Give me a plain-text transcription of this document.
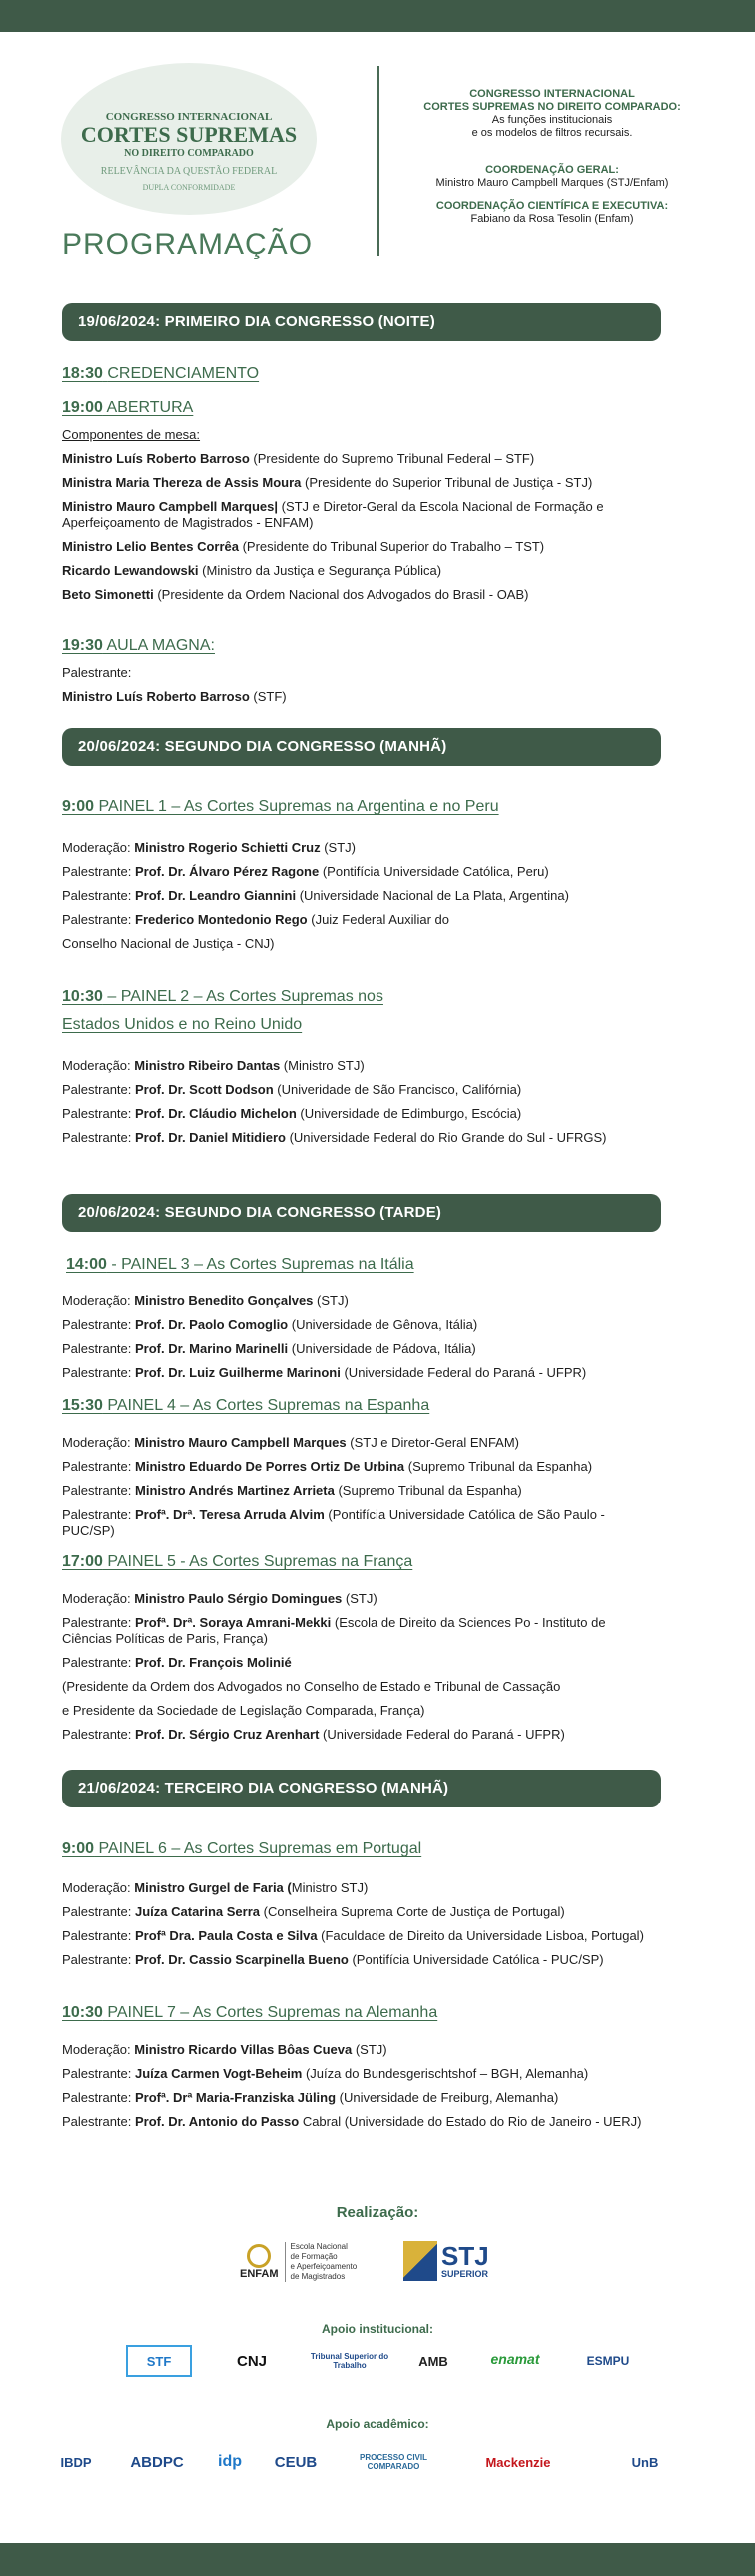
CONGRESSO INTERNACIONAL
CORTES SUPREMAS
NO DIREITO COMPARADO
RELEVÂNCIA DA QUESTÃO FEDERAL
DUPLA CONFORMIDADE
PROGRAMAÇÃO
CONGRESSO INTERNACIONAL
CORTES SUPREMAS NO DIREITO COMPARADO:
As funções institucionais
e os modelos de filtros recursais.
COORDENAÇÃO GERAL:
Ministro Mauro Campbell Marques (STJ/Enfam)
COORDENAÇÃO CIENTÍFICA E EXECUTIVA:
Fabiano da Rosa Tesolin (Enfam)
19/06/2024: PRIMEIRO DIA CONGRESSO (NOITE)
18:30 CREDENCIAMENTO
19:00 ABERTURA
Componentes de mesa:
Ministro Luís Roberto Barroso (Presidente do Supremo Tribunal Federal – STF)
Ministra Maria Thereza de Assis Moura (Presidente do Superior Tribunal de Justiça - STJ)
Ministro Mauro Campbell Marques| (STJ e Diretor-Geral da Escola Nacional de Formação e
Aperfeiçoamento de Magistrados - ENFAM)
Ministro Lelio Bentes Corrêa (Presidente do Tribunal Superior do Trabalho – TST)
Ricardo Lewandowski (Ministro da Justiça e Segurança Pública)
Beto Simonetti (Presidente da Ordem Nacional dos Advogados do Brasil - OAB)
19:30 AULA MAGNA:
Palestrante:
Ministro Luís Roberto Barroso (STF)
20/06/2024: SEGUNDO DIA CONGRESSO (MANHÃ)
9:00 PAINEL 1 – As Cortes Supremas na Argentina e no Peru
Moderação: Ministro Rogerio Schietti Cruz (STJ)
Palestrante: Prof. Dr. Álvaro Pérez Ragone (Pontifícia Universidade Católica, Peru)
Palestrante: Prof. Dr. Leandro Giannini (Universidade Nacional de La Plata, Argentina)
Palestrante: Frederico Montedonio Rego (Juiz Federal Auxiliar do
Conselho Nacional de Justiça - CNJ)
10:30 – PAINEL 2 – As Cortes Supremas nos
Estados Unidos e no Reino Unido
Moderação: Ministro Ribeiro Dantas (Ministro STJ)
Palestrante: Prof. Dr. Scott Dodson (Univeridade de São Francisco, Califórnia)
Palestrante: Prof. Dr. Cláudio Michelon (Universidade de Edimburgo, Escócia)
Palestrante: Prof. Dr. Daniel Mitidiero (Universidade Federal do Rio Grande do Sul - UFRGS)
20/06/2024: SEGUNDO DIA CONGRESSO (TARDE)
14:00 - PAINEL 3 – As Cortes Supremas na Itália
Moderação: Ministro Benedito Gonçalves (STJ)
Palestrante: Prof. Dr. Paolo Comoglio (Universidade de Gênova, Itália)
Palestrante: Prof. Dr. Marino Marinelli (Universidade de Pádova, Itália)
Palestrante: Prof. Dr. Luiz Guilherme Marinoni (Universidade Federal do Paraná - UFPR)
15:30 PAINEL 4 – As Cortes Supremas na Espanha
Moderação: Ministro Mauro Campbell Marques (STJ e Diretor-Geral ENFAM)
Palestrante: Ministro Eduardo De Porres Ortiz De Urbina (Supremo Tribunal da Espanha)
Palestrante: Ministro Andrés Martinez Arrieta (Supremo Tribunal da Espanha)
Palestrante: Profª. Drª. Teresa Arruda Alvim (Pontifícia Universidade Católica de São Paulo -
PUC/SP)
17:00 PAINEL 5 - As Cortes Supremas na França
Moderação: Ministro Paulo Sérgio Domingues (STJ)
Palestrante: Profª. Drª. Soraya Amrani-Mekki (Escola de Direito da Sciences Po - Instituto de
Ciências Políticas de Paris, França)
Palestrante: Prof. Dr. François Molinié
(Presidente da Ordem dos Advogados no Conselho de Estado e Tribunal de Cassação
e Presidente da Sociedade de Legislação Comparada, França)
Palestrante: Prof. Dr. Sérgio Cruz Arenhart (Universidade Federal do Paraná - UFPR)
21/06/2024: TERCEIRO DIA CONGRESSO (MANHÃ)
9:00 PAINEL 6 – As Cortes Supremas em Portugal
Moderação: Ministro Gurgel de Faria (Ministro STJ)
Palestrante: Juíza Catarina Serra (Conselheira Suprema Corte de Justiça de Portugal)
Palestrante: Profª Dra. Paula Costa e Silva (Faculdade de Direito da Universidade Lisboa, Portugal)
Palestrante: Prof. Dr. Cassio Scarpinella Bueno (Pontifícia Universidade Católica - PUC/SP)
10:30 PAINEL 7 – As Cortes Supremas na Alemanha
Moderação: Ministro Ricardo Villas Bôas Cueva (STJ)
Palestrante: Juíza Carmen Vogt-Beheim (Juíza do Bundesgerischtshof – BGH, Alemanha)
Palestrante: Profª. Drª Maria-Franziska Jüling (Universidade de Freiburg, Alemanha)
Palestrante: Prof. Dr. Antonio do Passo Cabral (Universidade do Estado do Rio de Janeiro - UERJ)
Realização:
ENFAM
Escola Nacional
de Formação
e Aperfeiçoamento
de Magistrados
STJ
SUPERIOR
Apoio institucional:
STF	CNJ	Tribunal Superior do Trabalho	AMB	enamat	ESMPU
Apoio acadêmico:
IBDP	ABDPC	idp	CEUB	PROCESSO CIVIL COMPARADO	Mackenzie	UnB
